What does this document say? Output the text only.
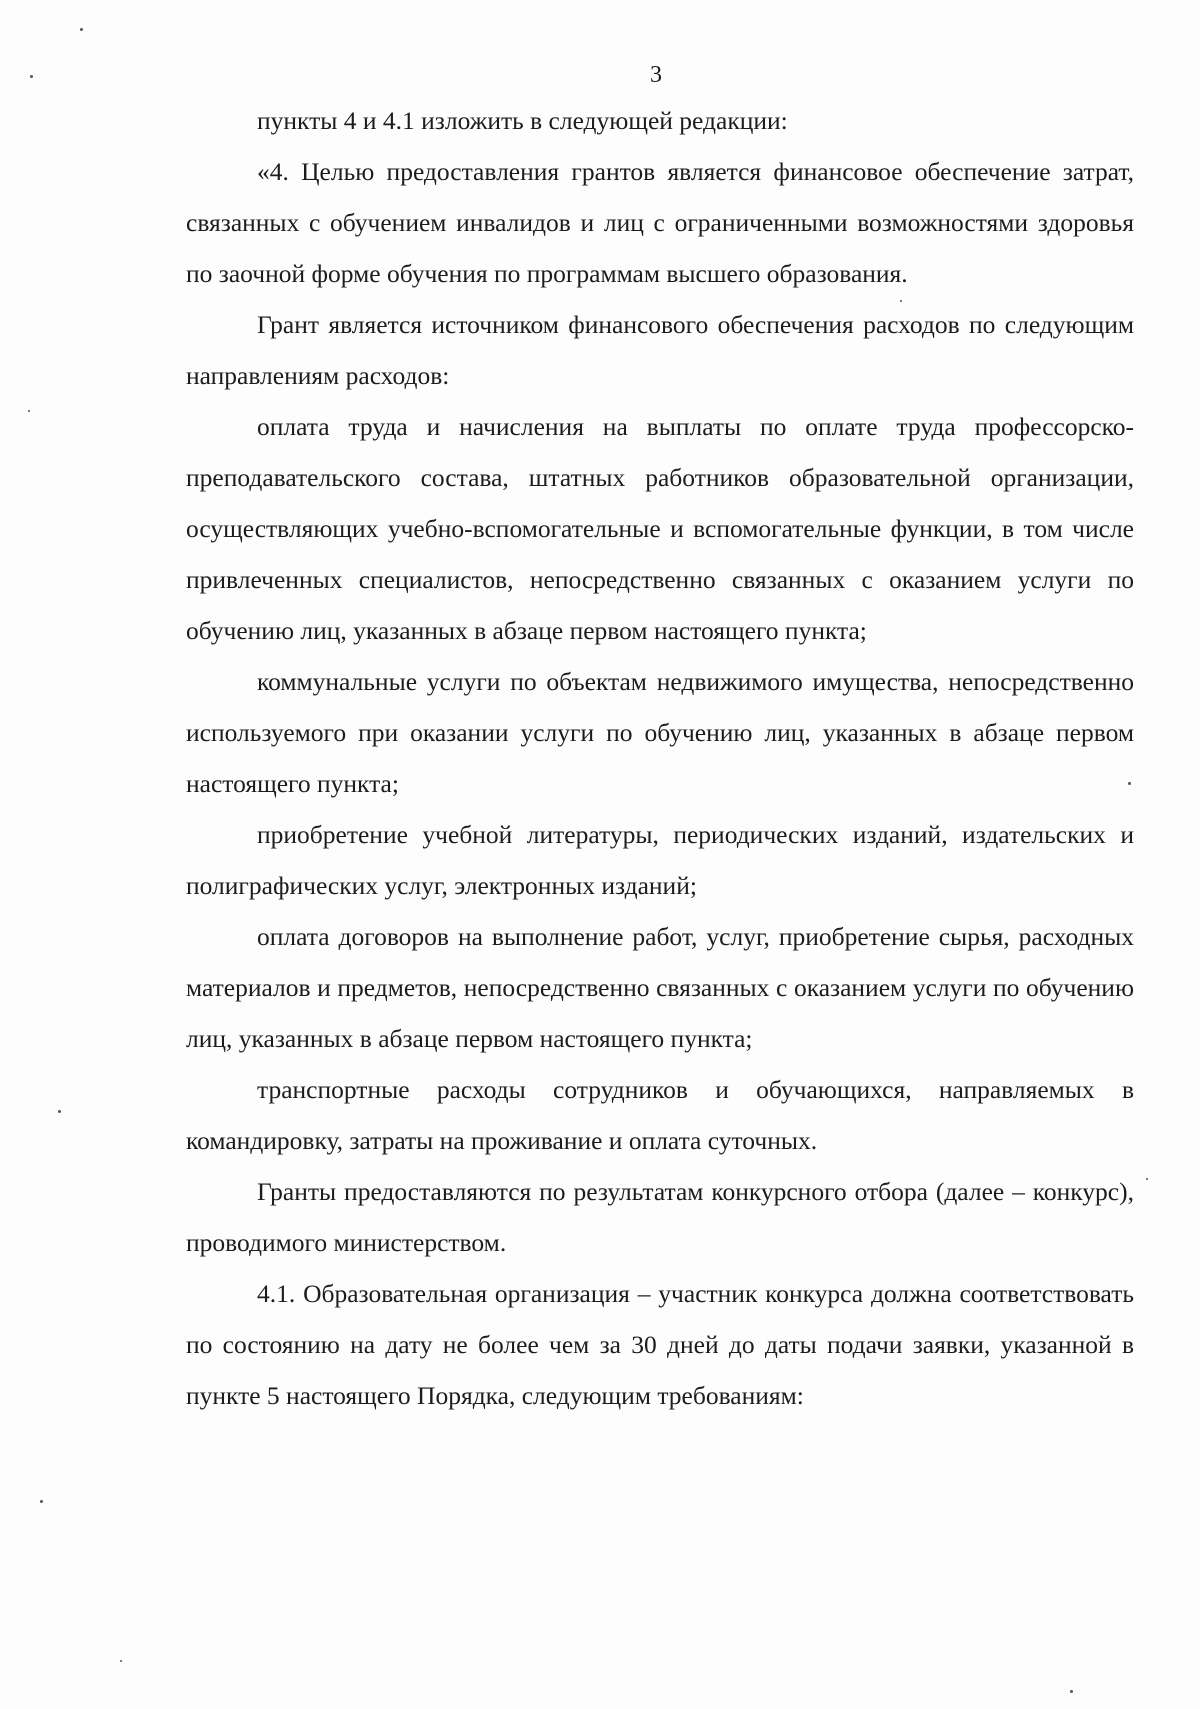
3

пункты 4 и 4.1 изложить в следующей редакции:

«4. Целью предоставления грантов является финансовое обеспечение затрат, связанных с обучением инвалидов и лиц с ограниченными возможностями здоровья по заочной форме обучения по программам высшего образования.

Грант является источником финансового обеспечения расходов по следующим направлениям расходов:

оплата труда и начисления на выплаты по оплате труда профессорско-преподавательского состава, штатных работников образовательной организации, осуществляющих учебно-вспомогательные и вспомогательные функции, в том числе привлеченных специалистов, непосредственно связанных с оказанием услуги по обучению лиц, указанных в абзаце первом настоящего пункта;

коммунальные услуги по объектам недвижимого имущества, непосредственно используемого при оказании услуги по обучению лиц, указанных в абзаце первом настоящего пункта;

приобретение учебной литературы, периодических изданий, издательских и полиграфических услуг, электронных изданий;

оплата договоров на выполнение работ, услуг, приобретение сырья, расходных материалов и предметов, непосредственно связанных с оказанием услуги по обучению лиц, указанных в абзаце первом настоящего пункта;

транспортные расходы сотрудников и обучающихся, направляемых в командировку, затраты на проживание и оплата суточных.

Гранты предоставляются по результатам конкурсного отбора (далее – конкурс), проводимого министерством.

4.1. Образовательная организация – участник конкурса должна соответствовать по состоянию на дату не более чем за 30 дней до даты подачи заявки, указанной в пункте 5 настоящего Порядка, следующим требованиям:
